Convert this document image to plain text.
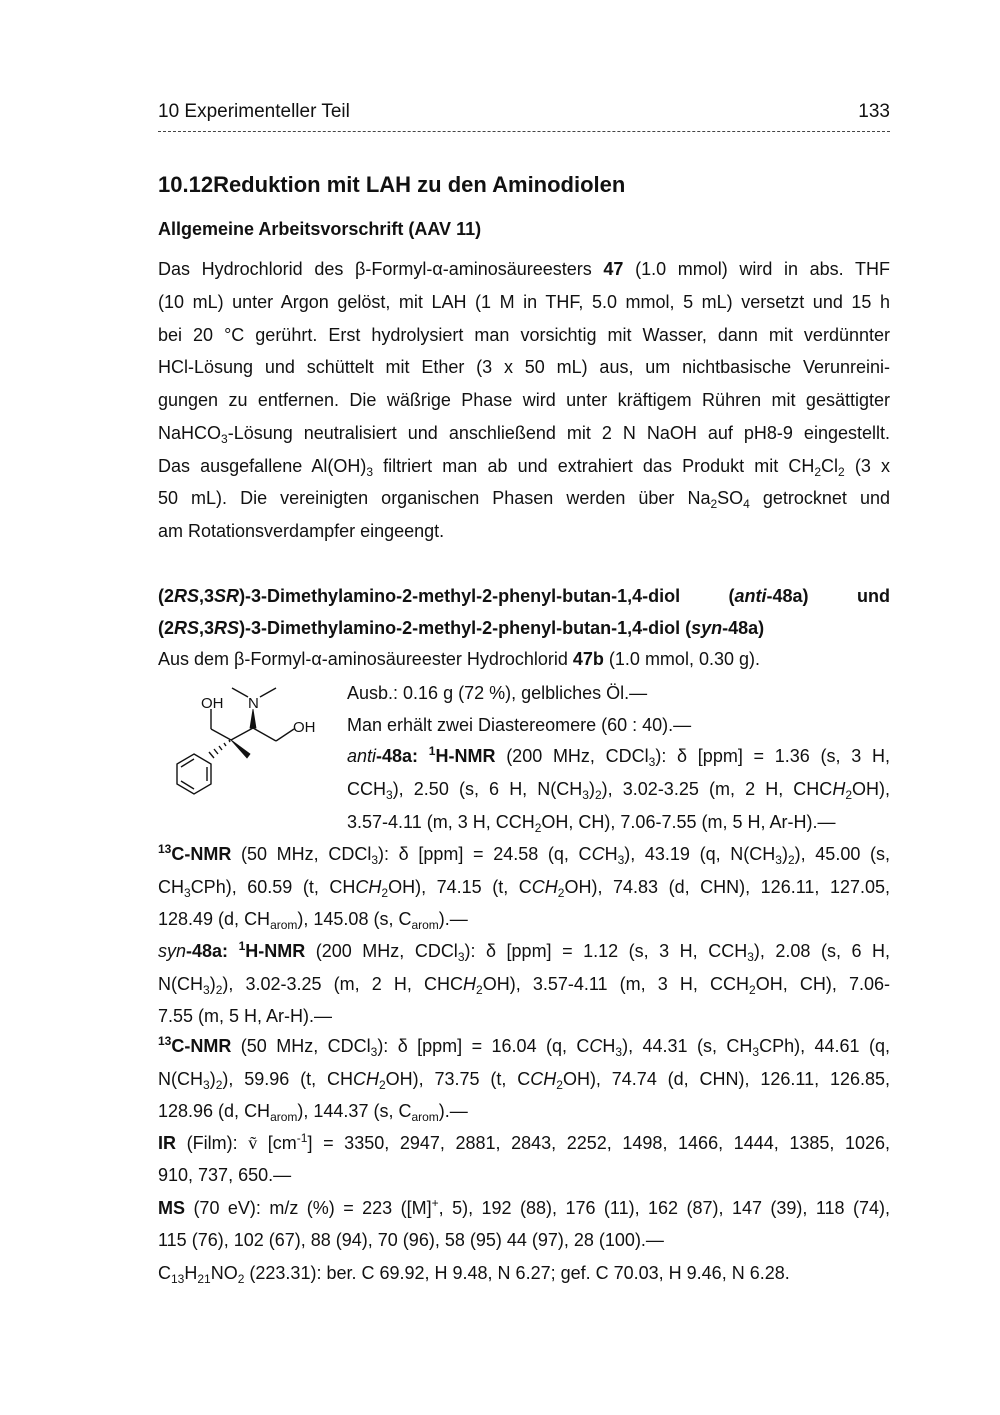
10 Experimenteller Teil	133
10.12Reduktion mit LAH zu den Aminodiolen
Allgemeine Arbeitsvorschrift (AAV 11)
Das Hydrochlorid des β-Formyl-α-aminosäureesters 47 (1.0 mmol) wird in abs. THF
(10 mL) unter Argon gelöst, mit LAH (1 M in THF, 5.0 mmol, 5 mL) versetzt und 15 h
bei 20 °C gerührt. Erst hydrolysiert man vorsichtig mit Wasser, dann mit verdünnter
HCl-Lösung und schüttelt mit Ether (3 x 50 mL) aus, um nichtbasische Verunreini-
gungen zu entfernen. Die wäßrige Phase wird unter kräftigem Rühren mit gesättigter
NaHCO$_3$-Lösung neutralisiert und anschließend mit 2 N NaOH auf pH8-9 eingestellt.
Das ausgefallene $Al(OH)_3$ filtriert man ab und extrahiert das Produkt mit $CH_2Cl_2$ (3 x
50 mL). Die vereinigten organischen Phasen werden über $Na_2SO_4$ getrocknet und
am Rotationsverdampfer eingeengt.
(2RS,3SR)-3-Dimethylamino-2-methyl-2-phenyl-butan-1,4-diol	(anti-48a)	und
(2RS,3RS)-3-Dimethylamino-2-methyl-2-phenyl-butan-1,4-diol (syn-48a)
Aus dem β-Formyl-α-aminosäureester Hydrochlorid 47b (1.0 mmol, 0.30 g).
OH N
OH
Ausb.: 0.16 g (72 %), gelbliches Öl.—
Man erhält zwei Diastereomere (60 : 40).—
anti-48a: $^1$H-NMR (200 MHz, CDCl$_3$): δ [ppm] = 1.36 (s, 3 H,
$CCH_3$), 2.50 (s, 6 H, $N(CH_3)_2$), 3.02-3.25 (m, 2 H, $CHCH_2OH$),
3.57-4.11 (m, 3 H, $CCH_2OH$, CH), 7.06-7.55 (m, 5 H, Ar-H).—
$^{13}$C-NMR (50 MHz, CDCl$_3$): δ [ppm] = 24.58 (q, $CCH_3$), 43.19 (q, $N(CH_3)_2$), 45.00 (s,
$CH_3CPh$), 60.59 (t, $CHCH_2OH$), 74.15 (t, $CCH_2OH$), 74.83 (d, CHN), 126.11, 127.05,
128.49 (d, $CH_{arom}$), 145.08 (s, $C_{arom}).—$
syn-48a: $^1$H-NMR (200 MHz, CDCl$_3$): δ [ppm] = 1.12 (s, 3 H, $CCH_3$), 2.08 (s, 6 H,
$N(CH_3)_2$), 3.02-3.25 (m, 2 H, $CHCH_2OH$), 3.57-4.11 (m, 3 H, $CCH_2OH$, CH), 7.06-
7.55 (m, 5 H, Ar-H).—
$^{13}$C-NMR (50 MHz, CDCl$_3$): δ [ppm] = 16.04 (q, $CCH_3$), 44.31 (s, $CH_3CPh$), 44.61 (q,
$N(CH_3)_2$), 59.96 (t, $CHCH_2OH$), 73.75 (t, $CCH_2OH$), 74.74 (d, CHN), 126.11, 126.85,
128.96 (d, $CH_{arom}$), 144.37 (s, $C_{arom}).—$
IR (Film): ṽ $[cm^{-1}] = 3350$, 2947, 2881, 2843, 2252, 1498, 1466, 1444, 1385, 1026,
910, 737, 650.—
MS (70 eV): m/z (%) = 223 ([M]+, 5), 192 (88), 176 (11), 162 (87), 147 (39), 118 (74),
115 (76), 102 (67), 88 (94), 70 (96), 58 (95) 44 (97), 28 (100).—
$C_{13}H_{21}NO_2$ (223.31): ber. C 69.92, H 9.48, N 6.27; gef. C 70.03, H 9.46, N 6.28.
